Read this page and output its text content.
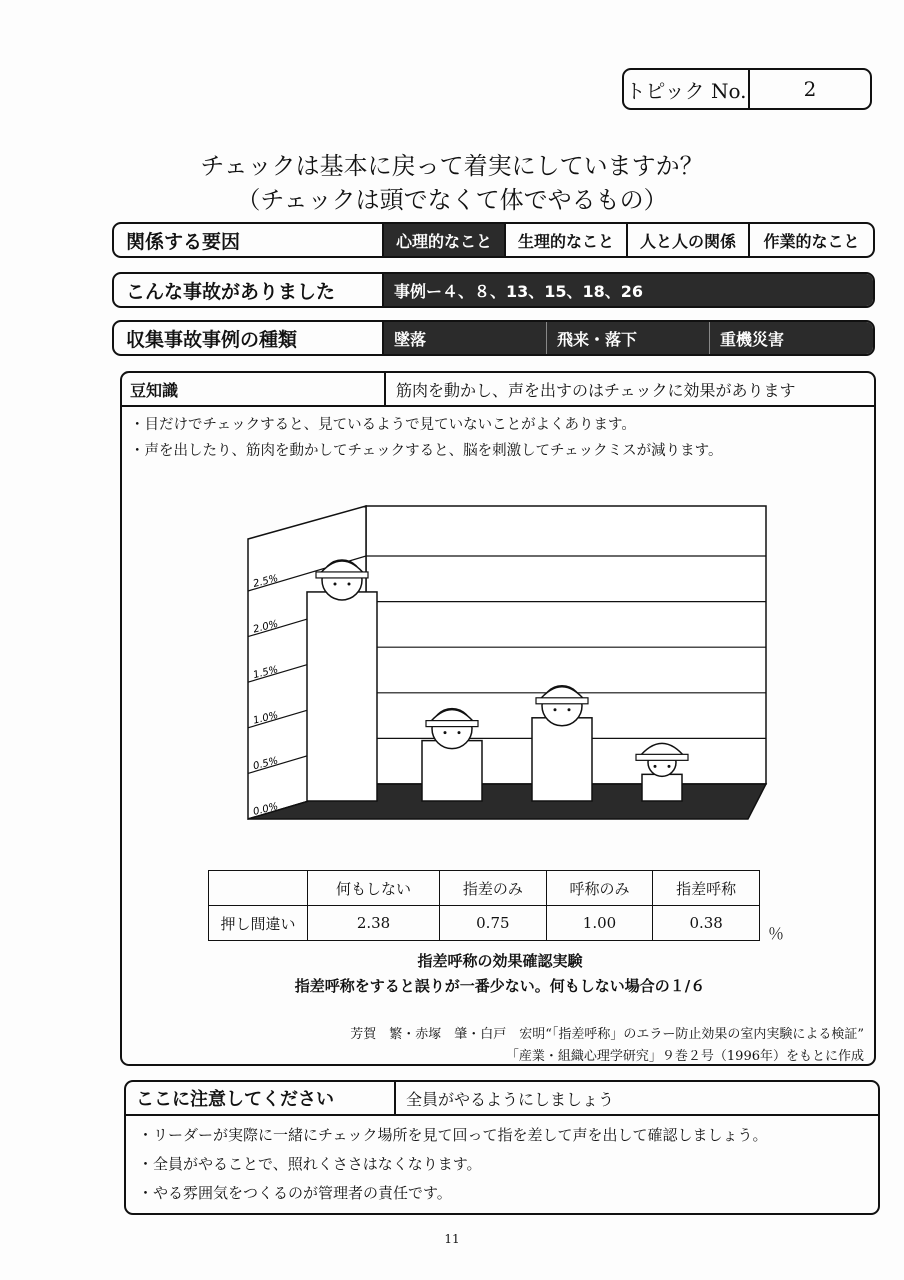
トピック No.	2
チェックは基本に戻って着実にしていますか？
（チェックは頭でなくて体でやるもの）
関係する要因	心理的なこと	生理的なこと	人と人の関係	作業的なこと
こんな事故がありました	事例ー４、８、13、15、18、26
収集事故事例の種類	墜落	飛来・落下	重機災害
豆知識	筋肉を動かし、声を出すのはチェックに効果があります
・目だけでチェックすると、見ているようで見ていないことがよくあります。
・声を出したり、筋肉を動かしてチェックすると、脳を刺激してチェックミスが減ります。
2.5%
2.0%
1.5%
1.0%
0.5%
0.0%
	何もしない	指差のみ	呼称のみ	指差呼称
押し間違い	2.38	0.75	1.00	0.38
％
指差呼称の効果確認実験
指差呼称をすると誤りが一番少ない。何もしない場合の１/６
芳賀　繁・赤塚　肇・白戸　宏明“「指差呼称」のエラー防止効果の室内実験による検証”
「産業・組織心理学研究」９巻２号（1996年）をもとに作成
ここに注意してください	全員がやるようにしましょう
・リーダーが実際に一緒にチェック場所を見て回って指を差して声を出して確認しましょう。
・全員がやることで、照れくささはなくなります。
・やる雰囲気をつくるのが管理者の責任です。
11
